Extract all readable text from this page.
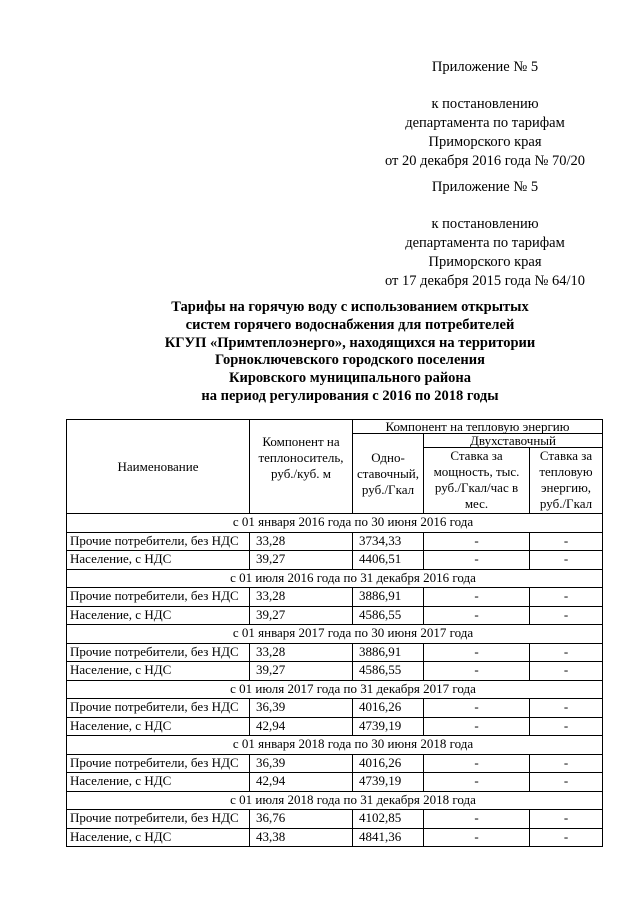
Приложение № 5
к постановлению
департамента по тарифам
Приморского края
от 20 декабря 2016 года № 70/20
Приложение № 5
к постановлению
департамента по тарифам
Приморского края
от 17 декабря 2015 года № 64/10
Тарифы на горячую воду с использованием открытых
систем горячего водоснабжения для потребителей
КГУП «Примтеплоэнерго», находящихся на территории
Горноключевского городского поселения
Кировского муниципального района
на период регулирования с 2016 по 2018 годы
Наименование	Компонент на теплоноситель, руб./куб. м	Компонент на тепловую энергию		
		Одно-ставочный, руб./Гкал	Двухставочный	
			Ставка за мощность, тыс. руб./Гкал/час в мес.	Ставка за тепловую энергию, руб./Гкал
с 01 января 2016 года по 30 июня 2016 года				
Прочие потребители, без НДС	33,28	3734,33	-	-
Население, с НДС	39,27	4406,51	-	-
с 01 июля 2016 года по 31 декабря 2016 года				
Прочие потребители, без НДС	33,28	3886,91	-	-
Население, с НДС	39,27	4586,55	-	-
с 01 января 2017 года по 30 июня 2017 года				
Прочие потребители, без НДС	33,28	3886,91	-	-
Население, с НДС	39,27	4586,55	-	-
с 01 июля 2017 года по 31 декабря 2017 года				
Прочие потребители, без НДС	36,39	4016,26	-	-
Население, с НДС	42,94	4739,19	-	-
с 01 января 2018 года по 30 июня 2018 года				
Прочие потребители, без НДС	36,39	4016,26	-	-
Население, с НДС	42,94	4739,19	-	-
с 01 июля 2018 года по 31 декабря 2018 года				
Прочие потребители, без НДС	36,76	4102,85	-	-
Население, с НДС	43,38	4841,36	-	-
